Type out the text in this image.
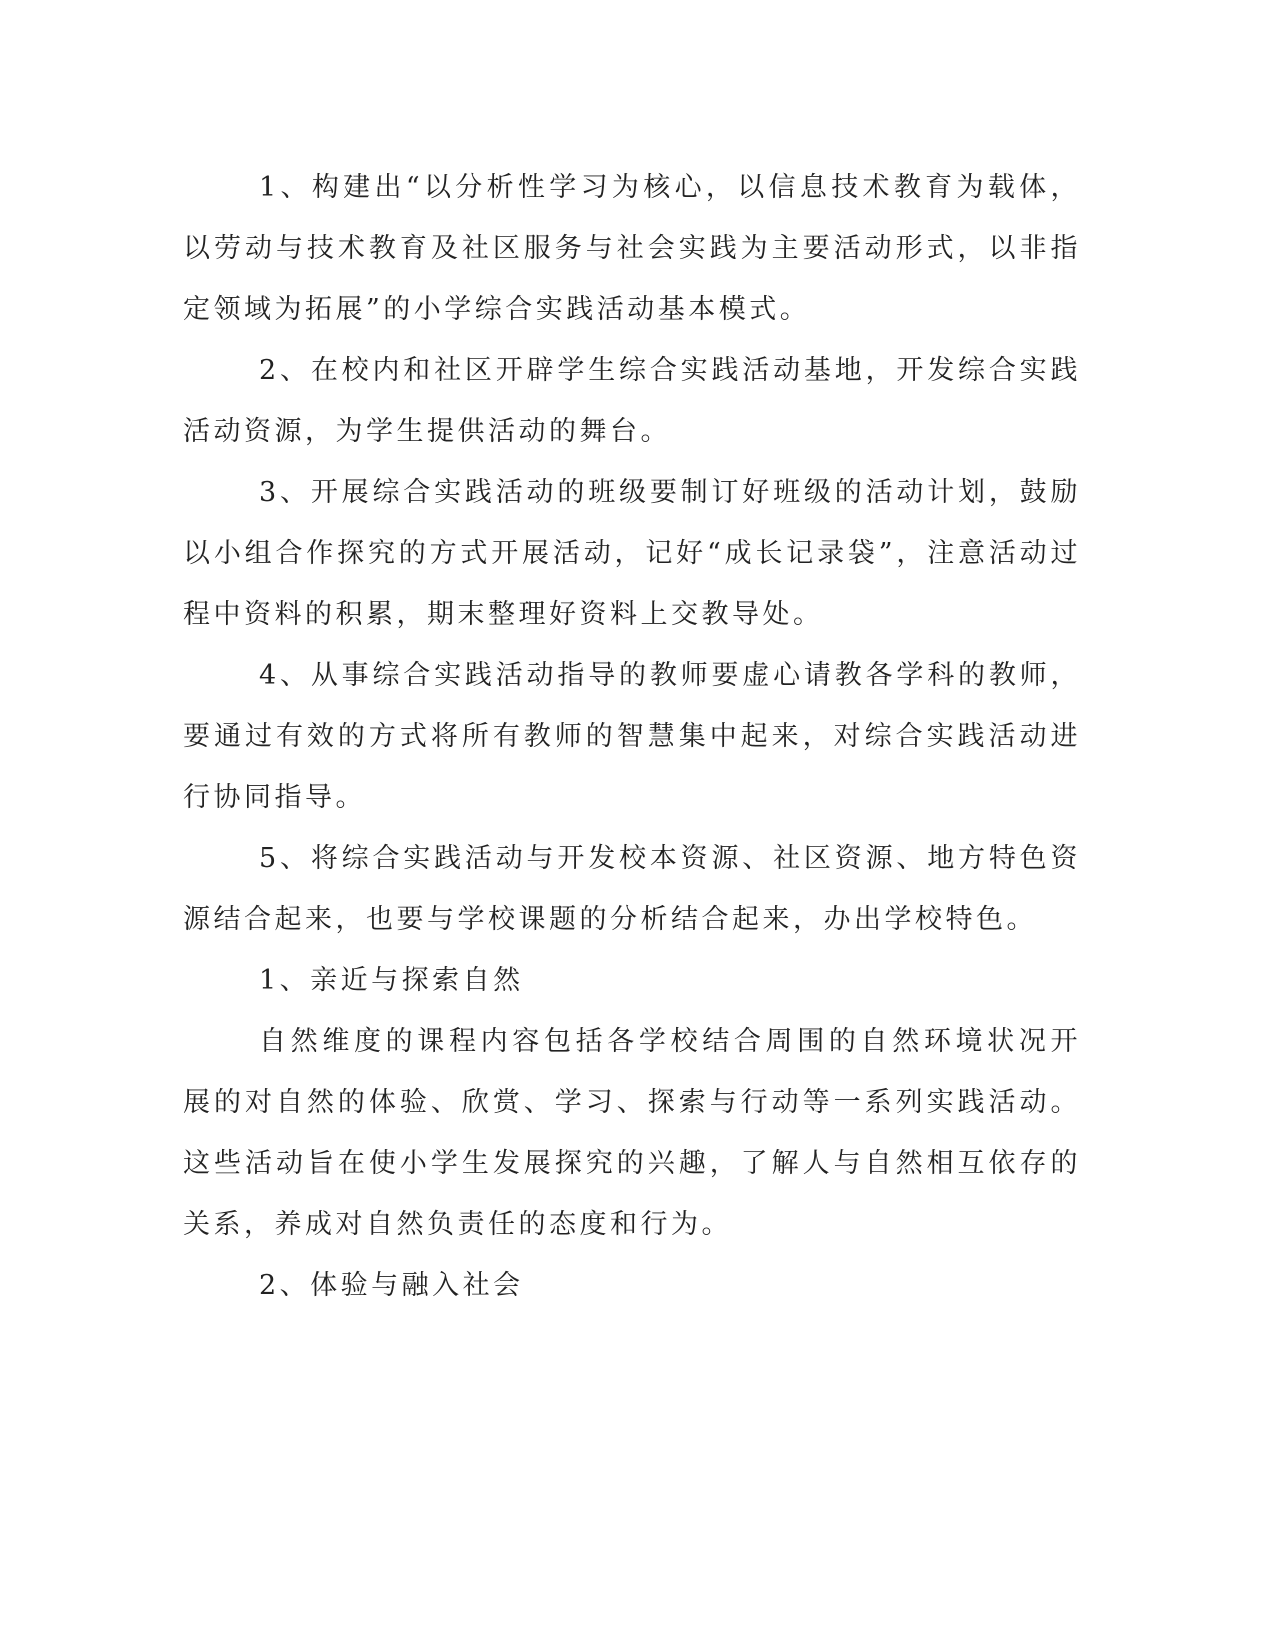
1、构建出“以分析性学习为核心，以信息技术教育为载体，以劳动与技术教育及社区服务与社会实践为主要活动形式，以非指定领域为拓展”的小学综合实践活动基本模式。

2、在校内和社区开辟学生综合实践活动基地，开发综合实践活动资源，为学生提供活动的舞台。

3、开展综合实践活动的班级要制订好班级的活动计划，鼓励以小组合作探究的方式开展活动，记好“成长记录袋”，注意活动过程中资料的积累，期末整理好资料上交教导处。

4、从事综合实践活动指导的教师要虚心请教各学科的教师，要通过有效的方式将所有教师的智慧集中起来，对综合实践活动进行协同指导。

5、将综合实践活动与开发校本资源、社区资源、地方特色资源结合起来，也要与学校课题的分析结合起来，办出学校特色。

1、亲近与探索自然

自然维度的课程内容包括各学校结合周围的自然环境状况开展的对自然的体验、欣赏、学习、探索与行动等一系列实践活动。这些活动旨在使小学生发展探究的兴趣，了解人与自然相互依存的关系，养成对自然负责任的态度和行为。

2、体验与融入社会
